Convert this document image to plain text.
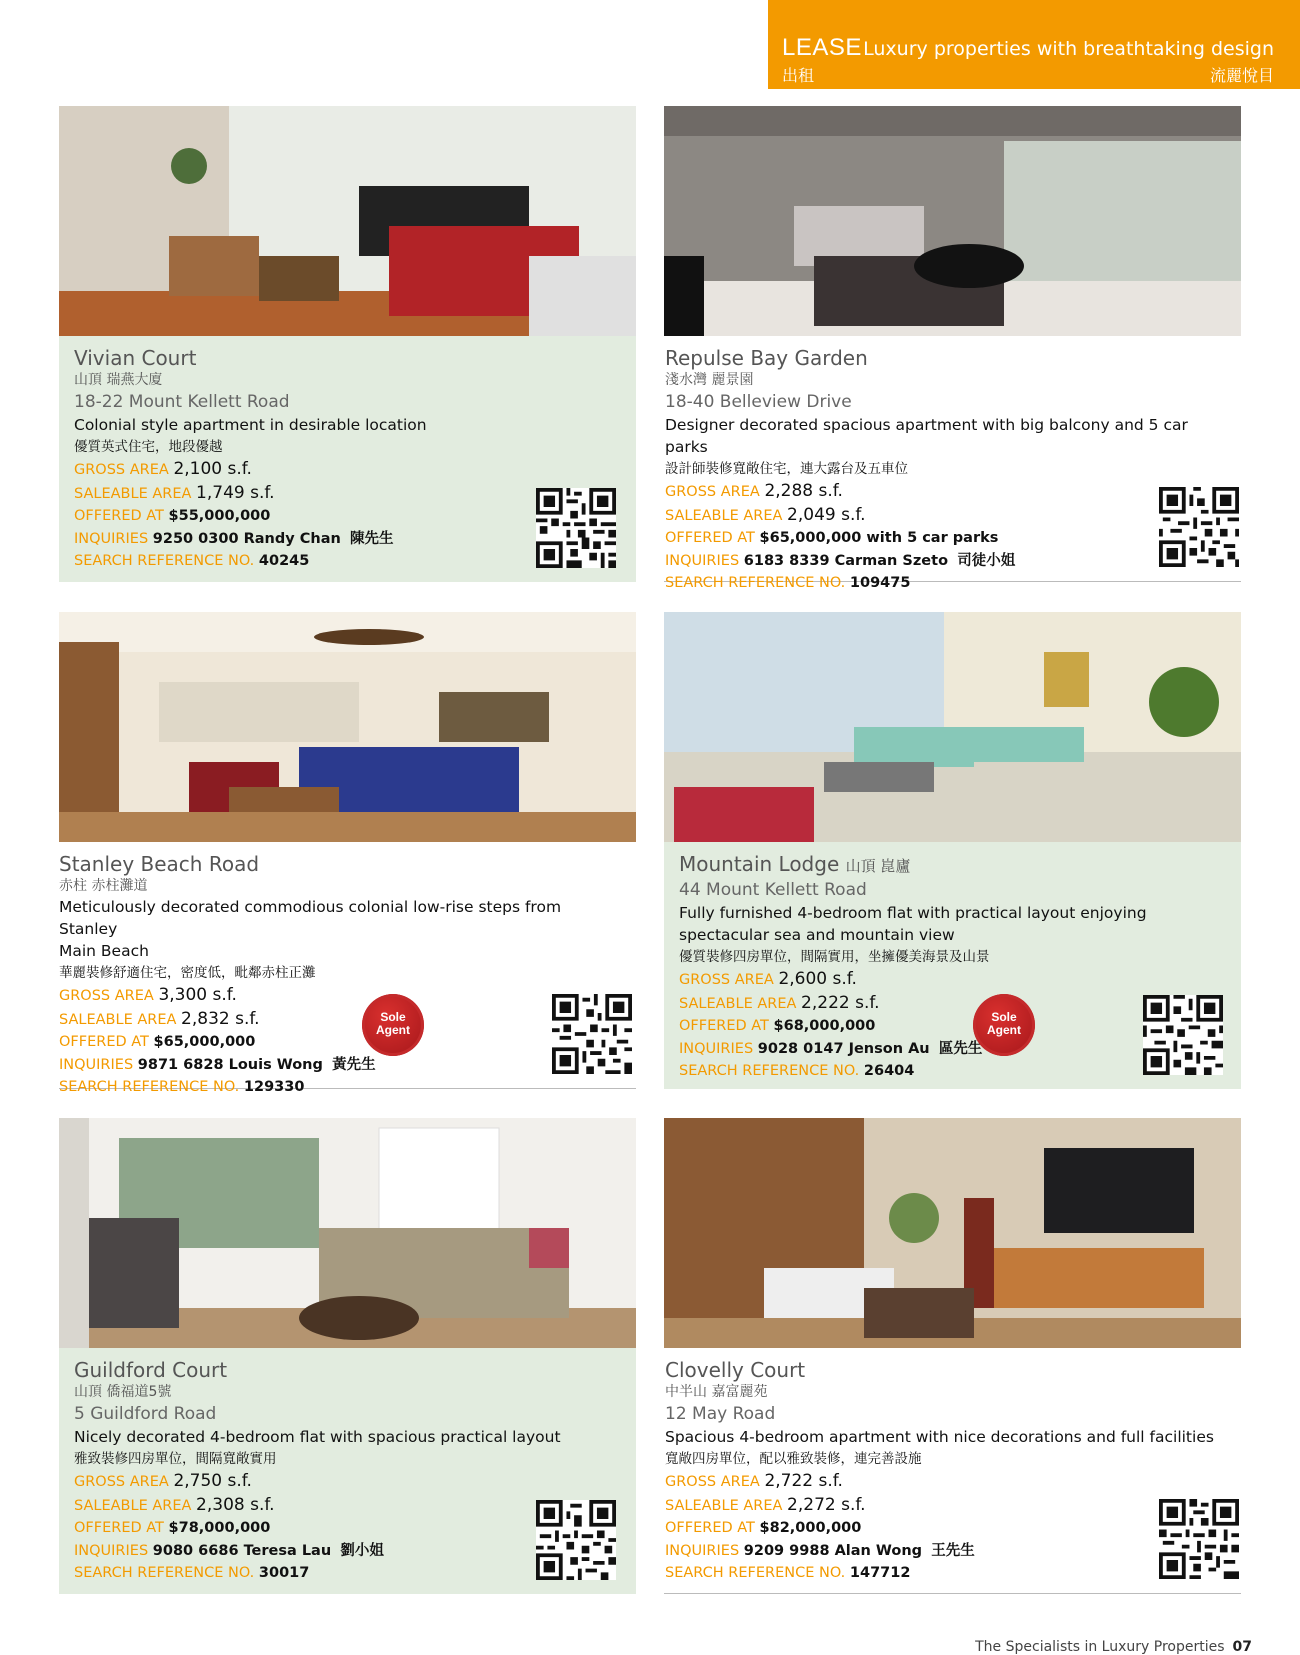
LEASE Luxury properties with breathtaking design
出租	流麗悅目
Vivian Court
山頂 瑞燕大廈
18-22 Mount Kellett Road
Colonial style apartment in desirable location
優質英式住宅，地段優越
GROSS AREA 2,100 s.f.
SALEABLE AREA 1,749 s.f.
OFFERED AT $55,000,000
INQUIRIES 9250 0300 Randy Chan 陳先生
SEARCH REFERENCE NO. 40245
Repulse Bay Garden
淺水灣 麗景園
18-40 Belleview Drive
Designer decorated spacious apartment with big balcony and 5 car parks
設計師裝修寬敞住宅，連大露台及五車位
GROSS AREA 2,288 s.f.
SALEABLE AREA 2,049 s.f.
OFFERED AT $65,000,000 with 5 car parks
INQUIRIES 6183 8339 Carman Szeto 司徒小姐
SEARCH REFERENCE NO. 109475
Stanley Beach Road
赤柱 赤柱灘道
Meticulously decorated commodious colonial low-rise steps from Stanley
Main Beach
華麗裝修舒適住宅，密度低，毗鄰赤柱正灘
GROSS AREA 3,300 s.f.
SALEABLE AREA 2,832 s.f.
OFFERED AT $65,000,000
INQUIRIES 9871 6828 Louis Wong 黃先生
SEARCH REFERENCE NO. 129330
Sole
Agent
Mountain Lodge 山頂 崑廬
44 Mount Kellett Road
Fully furnished 4-bedroom flat with practical layout enjoying
spectacular sea and mountain view
優質裝修四房單位，間隔實用，坐擁優美海景及山景
GROSS AREA 2,600 s.f.
SALEABLE AREA 2,222 s.f.
OFFERED AT $68,000,000
INQUIRIES 9028 0147 Jenson Au 區先生
SEARCH REFERENCE NO. 26404
Sole
Agent
Guildford Court
山頂 僑福道5號
5 Guildford Road
Nicely decorated 4-bedroom flat with spacious practical layout
雅致裝修四房單位，間隔寬敞實用
GROSS AREA 2,750 s.f.
SALEABLE AREA 2,308 s.f.
OFFERED AT $78,000,000
INQUIRIES 9080 6686 Teresa Lau 劉小姐
SEARCH REFERENCE NO. 30017
Clovelly Court
中半山 嘉富麗苑
12 May Road
Spacious 4-bedroom apartment with nice decorations and full facilities
寬敞四房單位，配以雅致裝修，連完善設施
GROSS AREA 2,722 s.f.
SALEABLE AREA 2,272 s.f.
OFFERED AT $82,000,000
INQUIRIES 9209 9988 Alan Wong 王先生
SEARCH REFERENCE NO. 147712
The Specialists in Luxury Properties 07
